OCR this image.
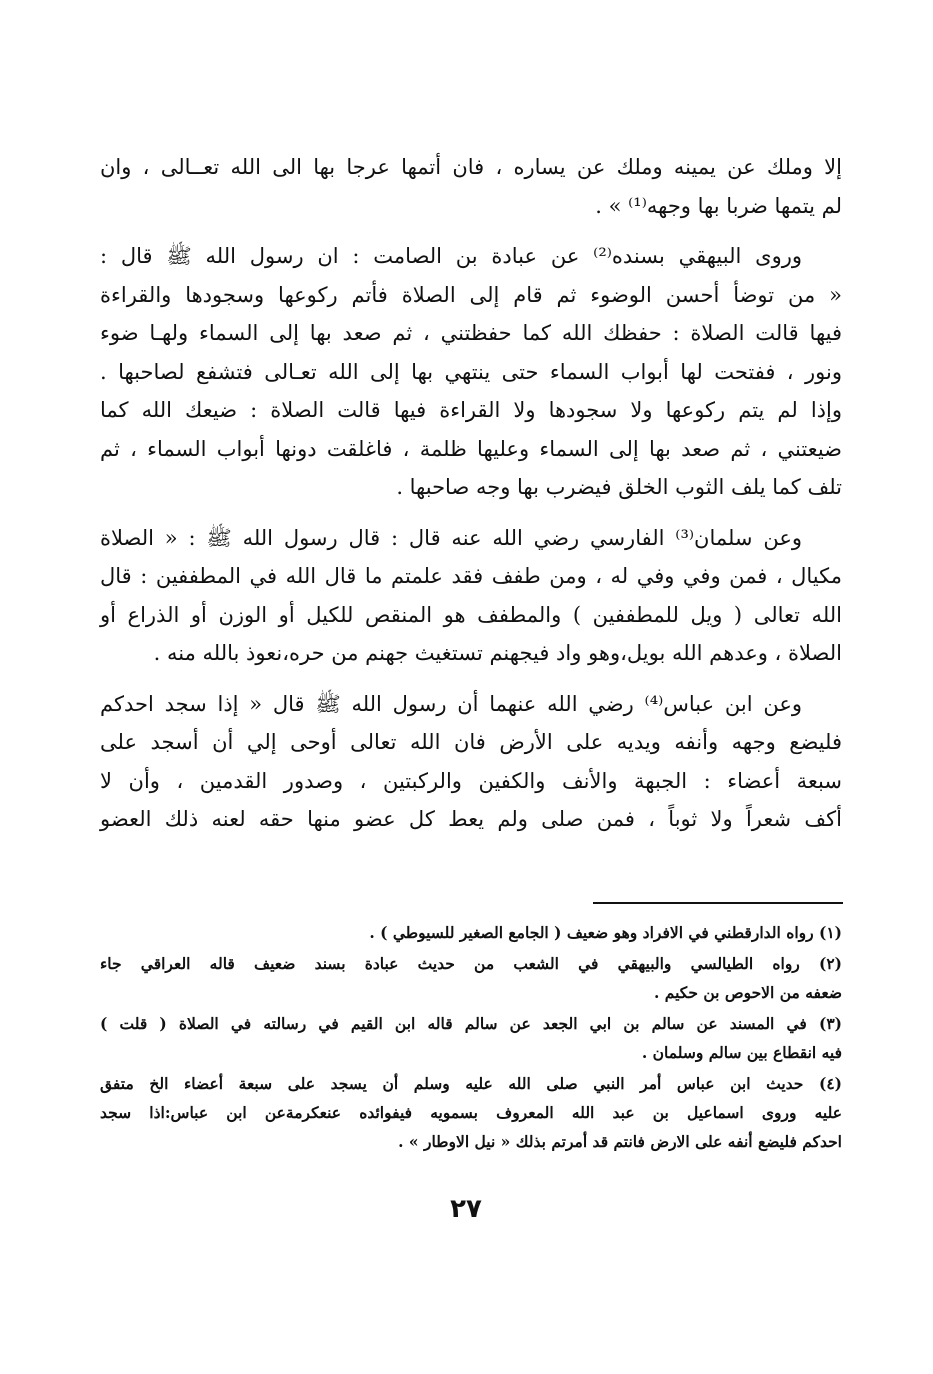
إلا وملك عن يمينه وملك عن يساره ، فان أتمها عرجا بها الى الله تعــالى ، وان
لم يتمها ضربا بها وجهه⁽¹⁾ » .

وروى البيهقي بسنده⁽²⁾ عن عبادة بن الصامت : ان رسول الله ﷺ قال :
« من توضأ أحسن الوضوء ثم قام إلى الصلاة فأتم ركوعها وسجودها والقراءة
فيها قالت الصلاة : حفظك الله كما حفظتني ، ثم صعد بها إلى السماء ولهـا ضوء
ونور ، ففتحت لها أبواب السماء حتى ينتهي بها إلى الله تعـالى فتشفع لصاحبها .
وإذا لم يتم ركوعها ولا سجودها ولا القراءة فيها قالت الصلاة : ضيعك الله كما
ضيعتني ، ثم صعد بها إلى السماء وعليها ظلمة ، فاغلقت دونها أبواب السماء ، ثم
تلف كما يلف الثوب الخلق فيضرب بها وجه صاحبها .

وعن سلمان⁽³⁾ الفارسي رضي الله عنه قال : قال رسول الله ﷺ : « الصلاة
مكيال ، فمن وفي وفي له ، ومن طفف فقد علمتم ما قال الله في المطففين : قال
الله تعالى ( ويل للمطففين ) والمطفف هو المنقص للكيل أو الوزن أو الذراع أو
الصلاة ، وعدهم الله بويل،وهو واد فيجهنم تستغيث جهنم من حره،نعوذ بالله منه .

وعن ابن عباس⁽⁴⁾ رضي الله عنهما أن رسول الله ﷺ قال « إذا سجد احدكم
فليضع وجهه وأنفه ويديه على الأرض فان الله تعالى أوحى إلي أن أسجد على
سبعة أعضاء : الجبهة والأنف والكفين والركبتين ، وصدور القدمين ، وأن لا
أكف شعراً ولا ثوباً ، فمن صلى ولم يعط كل عضو منها حقه لعنه ذلك العضو

(١) رواه الدارقطني في الافراد وهو ضعيف ( الجامع الصغير للسيوطي ) .

(٢) رواه الطيالسي والبيهقي في الشعب من حديث عبادة بسند ضعيف قاله العراقي جاء
ضعفه من الاحوص بن حكيم .

(٣) في المسند عن سالم بن ابي الجعد عن سالم قاله ابن القيم في رسالته في الصلاة ( قلت )
فيه انقطاع بين سالم وسلمان .

(٤) حديث ابن عباس أمر النبي صلى الله عليه وسلم أن يسجد على سبعة أعضاء الخ متفق
عليه وروى اسماعيل بن عبد الله المعروف بسمويه فيفوائده عنعكرمةعن ابن عباس:اذا سجد
احدكم فليضع أنفه على الارض فانتم قد أمرتم بذلك « نيل الاوطار » .

٢٧
